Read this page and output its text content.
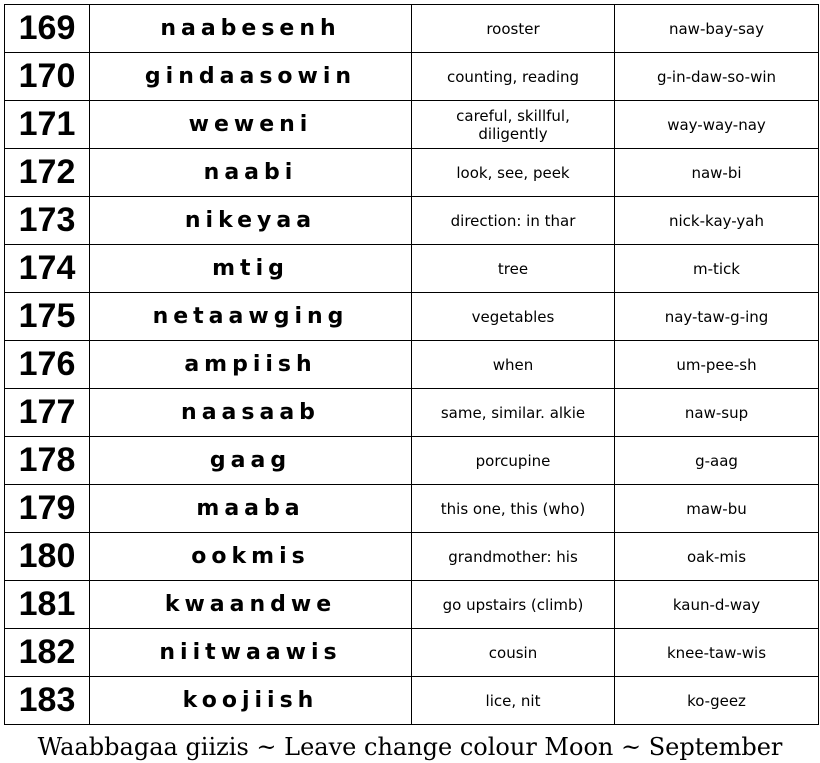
169	naabesenh	rooster	naw-bay-say
170	gindaasowin	counting, reading	g-in-daw-so-win
171	weweni	careful, skillful, diligently	way-way-nay
172	naabi	look, see, peek	naw-bi
173	nikeyaa	direction: in thar	nick-kay-yah
174	mtig	tree	m-tick
175	netaawging	vegetables	nay-taw-g-ing
176	ampiish	when	um-pee-sh
177	naasaab	same, similar. alkie	naw-sup
178	gaag	porcupine	g-aag
179	maaba	this one, this (who)	maw-bu
180	ookmis	grandmother: his	oak-mis
181	kwaandwe	go upstairs (climb)	kaun-d-way
182	niitwaawis	cousin	knee-taw-wis
183	koojiish	lice, nit	ko-geez
Waabbagaa giizis ~ Leave change colour Moon ~ September
